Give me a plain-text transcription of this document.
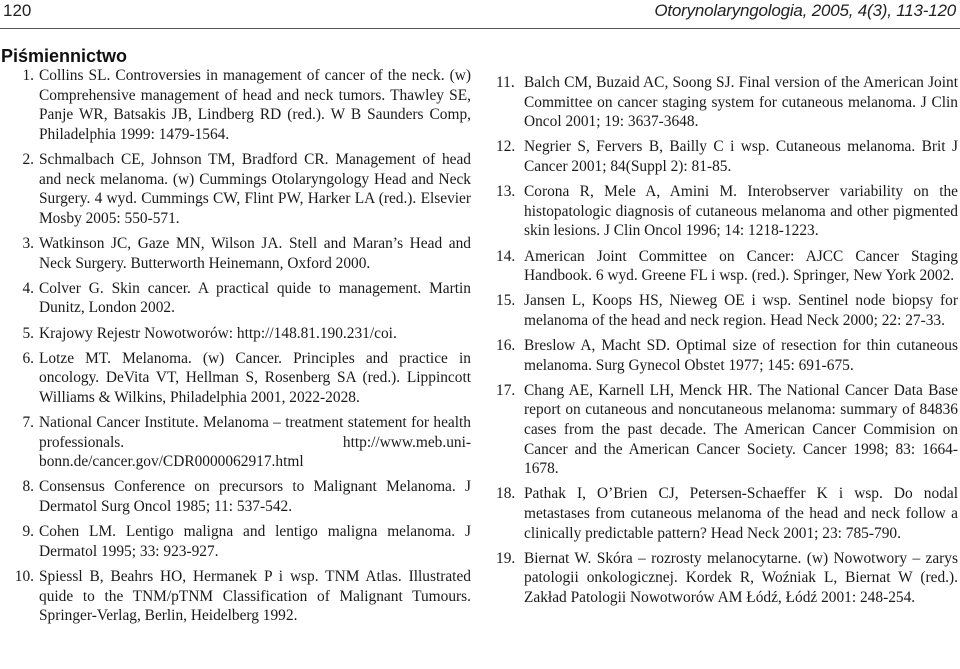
120	Otorynolaryngologia, 2005, 4(3), 113-120
Piśmiennictwo
1. Collins SL. Controversies in management of cancer of the neck. (w) Comprehensive management of head and neck tumors. Thawley SE, Panje WR, Batsakis JB, Lindberg RD (red.). W B Saunders Comp, Philadelphia 1999: 1479-1564.
2. Schmalbach CE, Johnson TM, Bradford CR. Management of head and neck melanoma. (w) Cummings Otolaryngology Head and Neck Surgery. 4 wyd. Cummings CW, Flint PW, Harker LA (red.). Elsevier Mosby 2005: 550-571.
3. Watkinson JC, Gaze MN, Wilson JA. Stell and Maran’s Head and Neck Surgery. Butterworth Heinemann, Oxford 2000.
4. Colver G. Skin cancer. A practical quide to management. Martin Dunitz, London 2002.
5. Krajowy Rejestr Nowotworów: http://148.81.190.231/coi.
6. Lotze MT. Melanoma. (w) Cancer. Principles and practice in oncology. DeVita VT, Hellman S, Rosenberg SA (red.). Lippincott Williams & Wilkins, Philadelphia 2001, 2022-2028.
7. National Cancer Institute. Melanoma – treatment statement for health professionals. http://www.meb.uni-bonn.de/cancer.gov/CDR0000062917.html
8. Consensus Conference on precursors to Malignant Melanoma. J Dermatol Surg Oncol 1985; 11: 537-542.
9. Cohen LM. Lentigo maligna and lentigo maligna melanoma. J Dermatol 1995; 33: 923-927.
10. Spiessl B, Beahrs HO, Hermanek P i wsp. TNM Atlas. Illustrated quide to the TNM/pTNM Classification of Malignant Tumours. Springer-Verlag, Berlin, Heidelberg 1992.
11. Balch CM, Buzaid AC, Soong SJ. Final version of the American Joint Committee on cancer staging system for cutaneous melanoma. J Clin Oncol 2001; 19: 3637-3648.
12. Negrier S, Fervers B, Bailly C i wsp. Cutaneous melanoma. Brit J Cancer 2001; 84(Suppl 2): 81-85.
13. Corona R, Mele A, Amini M. Interobserver variability on the histopatologic diagnosis of cutaneous melanoma and other pigmented skin lesions. J Clin Oncol 1996; 14: 1218-1223.
14. American Joint Committee on Cancer: AJCC Cancer Staging Handbook. 6 wyd. Greene FL i wsp. (red.). Springer, New York 2002.
15. Jansen L, Koops HS, Nieweg OE i wsp. Sentinel node biopsy for melanoma of the head and neck region. Head Neck 2000; 22: 27-33.
16. Breslow A, Macht SD. Optimal size of resection for thin cutaneous melanoma. Surg Gynecol Obstet 1977; 145: 691-675.
17. Chang AE, Karnell LH, Menck HR. The National Cancer Data Base report on cutaneous and noncutaneous melanoma: summary of 84836 cases from the past decade. The American Cancer Commision on Cancer and the American Cancer Society. Cancer 1998; 83: 1664-1678.
18. Pathak I, O’Brien CJ, Petersen-Schaeffer K i wsp. Do nodal metastases from cutaneous melanoma of the head and neck follow a clinically predictable pattern? Head Neck 2001; 23: 785-790.
19. Biernat W. Skóra – rozrosty melanocytarne. (w) Nowotwory – zarys patologii onkologicznej. Kordek R, Woźniak L, Biernat W (red.). Zakład Patologii Nowotworów AM Łódź, Łódź 2001: 248-254.
